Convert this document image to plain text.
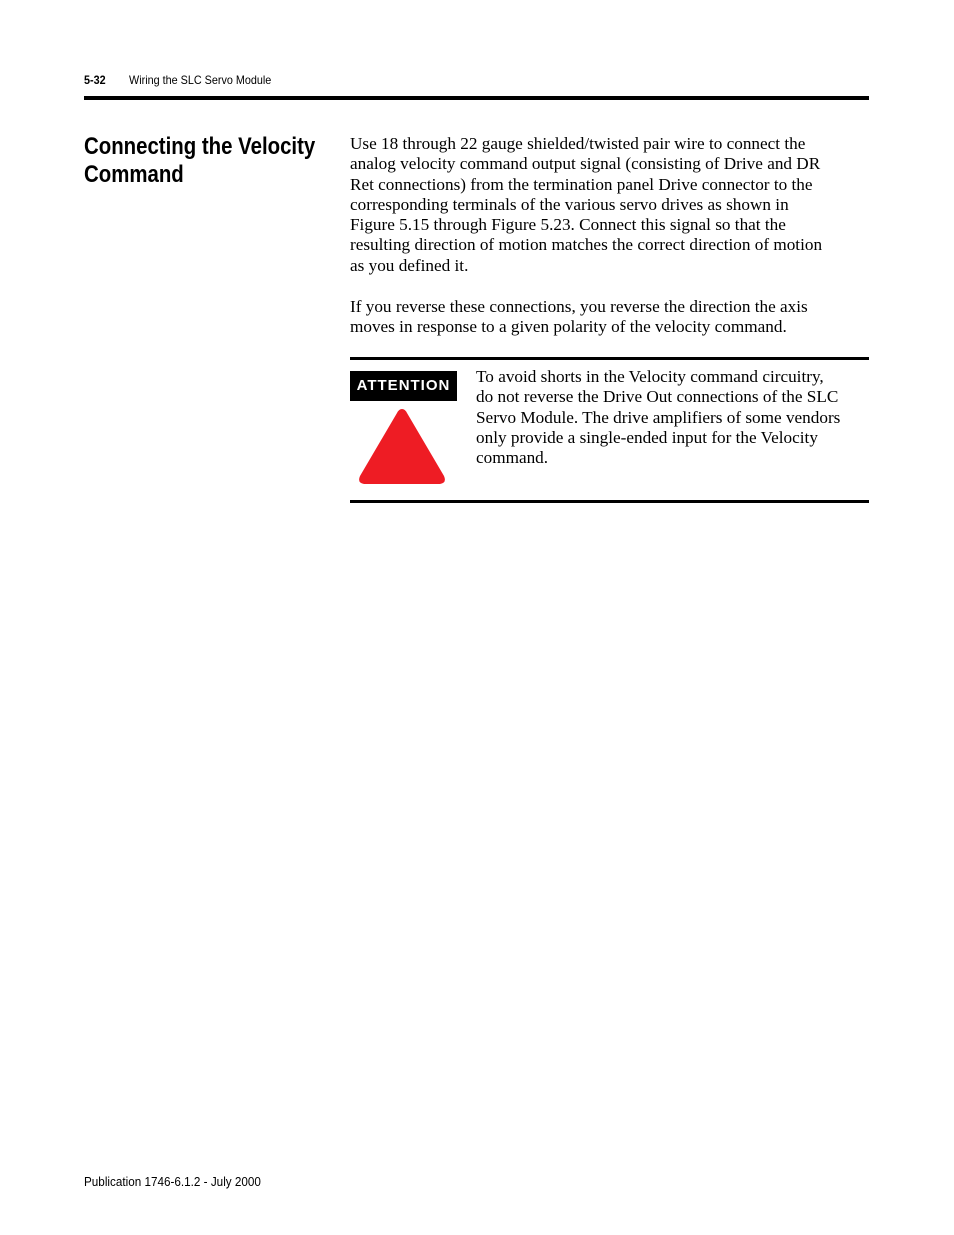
5-32 Wiring the SLC Servo Module
Connecting the Velocity
Command
Use 18 through 22 gauge shielded/twisted pair wire to connect the
analog velocity command output signal (consisting of Drive and DR
Ret connections) from the termination panel Drive connector to the
corresponding terminals of the various servo drives as shown in
Figure 5.15 through Figure 5.23. Connect this signal so that the
resulting direction of motion matches the correct direction of motion
as you defined it.
If you reverse these connections, you reverse the direction the axis
moves in response to a given polarity of the velocity command.
ATTENTION	To avoid shorts in the Velocity command circuitry,
do not reverse the Drive Out connections of the SLC
Servo Module. The drive amplifiers of some vendors
only provide a single-ended input for the Velocity
command.
Publication 1746-6.1.2 - July 2000
